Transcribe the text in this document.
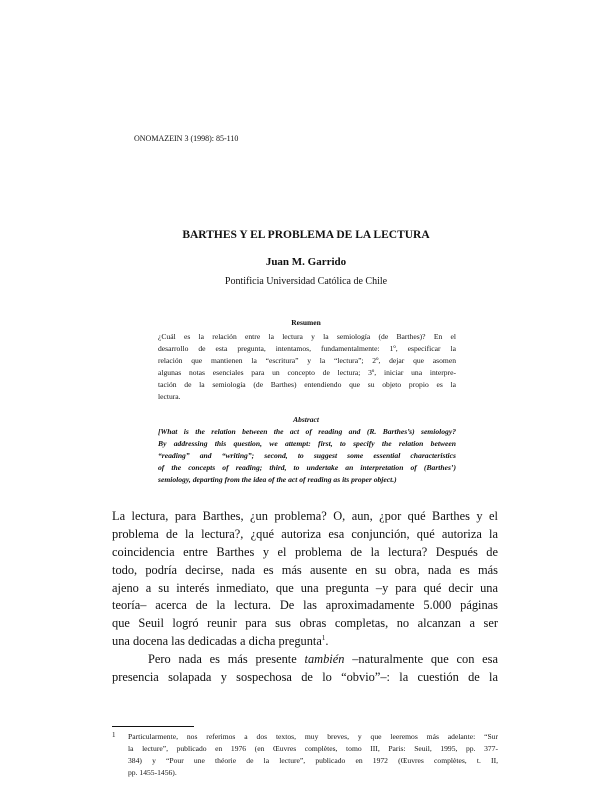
ONOMAZEIN 3 (1998): 85-110
BARTHES Y EL PROBLEMA DE LA LECTURA
Juan M. Garrido
Pontificia Universidad Católica de Chile
Resumen
¿Cuál es la relación entre la lectura y la semiología (de Barthes)? En el
desarrollo de esta pregunta, intentamos, fundamentalmente: 1º, especificar la
relación que mantienen la “escritura” y la “lectura”; 2º, dejar que asomen
algunas notas esenciales para un concepto de lectura; 3º, iniciar una interpre-
tación de la semiología (de Barthes) entendiendo que su objeto propio es la
lectura.
Abstract
[What is the relation between the act of reading and (R. Barthes’s) semiology?
By addressing this question, we attempt: first, to specify the relation between
“reading” and “writing”; second, to suggest some essential characteristics
of the concepts of reading; third, to undertake an interpretation of (Barthes’)
semiology, departing from the idea of the act of reading as its proper object.)
La lectura, para Barthes, ¿un problema? O, aun, ¿por qué Barthes y el
problema de la lectura?, ¿qué autoriza esa conjunción, qué autoriza la
coincidencia entre Barthes y el problema de la lectura? Después de
todo, podría decirse, nada es más ausente en su obra, nada es más
ajeno a su interés inmediato, que una pregunta –y para qué decir una
teoría– acerca de la lectura. De las aproximadamente 5.000 páginas
que Seuil logró reunir para sus obras completas, no alcanzan a ser
una docena las dedicadas a dicha pregunta$^1$.
Pero nada es más presente también –naturalmente que con esa
presencia solapada y sospechosa de lo “obvio”–: la cuestión de la
1 Particularmente, nos referimos a dos textos, muy breves, y que leeremos más adelante: “Sur
la lecture”, publicado en 1976 (en Œuvres complètes, tomo III, Paris: Seuil, 1995, pp. 377-
384) y “Pour une théorie de la lecture”, publicado en 1972 (Œuvres complètes, t. II,
pp. 1455-1456).
